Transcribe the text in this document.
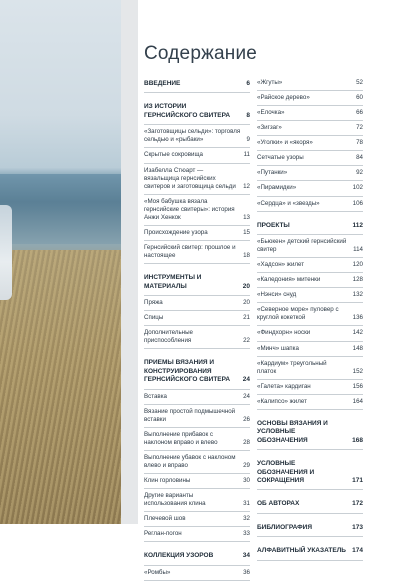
Содержание
ВВЕДЕНИЕ	6
ИЗ ИСТОРИИ ГЕРНСИЙСКОГО СВИТЕРА	8
«Заготовщицы сельди»: торговля сельдью и «рыбаки»	9
Скрытые сокровища	11
Изабелла Стюарт — вязальщица гернсийских свитеров и заготовщица сельди	12
«Моя бабушка вязала гернсийские свитеры»: история Анжи Хенкок	13
Происхождение узора	15
Гернсийский свитер: прошлое и настоящее	18
ИНСТРУМЕНТЫ И МАТЕРИАЛЫ	20
Пряжа	20
Спицы	21
Дополнительные приспособления	22
ПРИЕМЫ ВЯЗАНИЯ И КОНСТРУИРОВАНИЯ ГЕРНСИЙСКОГО СВИТЕРА	24
Вставка	24
Вязание простой подмышечной вставки	26
Выполнение прибавок с наклоном вправо и влево	28
Выполнение убавок с наклоном влево и вправо	29
Клин горловины	30
Другие варианты использования клина	31
Плечевой шов	32
Реглан-погон	33
КОЛЛЕКЦИЯ УЗОРОВ	34
«Ромбы»	36
«Жгуты»	52
«Райское дерево»	60
«Елочка»	66
«Зигзаг»	72
«Уголки» и «якоря»	78
Сетчатые узоры	84
«Путанки»	92
«Пирамидки»	102
«Сердца» и «звезды»	106
ПРОЕКТЫ	112
«Бьюкен» детский гернсийский свитер	114
«Хадсон» жилет	120
«Каледония» митенки	128
«Нэнси» снуд	132
«Северное море» пуловер с круглой кокеткой	136
«Финдхорн» носки	142
«Минч» шапка	148
«Кардиум» треугольный платок	152
«Галета» кардиган	156
«Калипсо» жилет	164
ОСНОВЫ ВЯЗАНИЯ И УСЛОВНЫЕ ОБОЗНАЧЕНИЯ	168
УСЛОВНЫЕ ОБОЗНАЧЕНИЯ И СОКРАЩЕНИЯ	171
ОБ АВТОРАХ	172
БИБЛИОГРАФИЯ	173
АЛФАВИТНЫЙ УКАЗАТЕЛЬ 174
